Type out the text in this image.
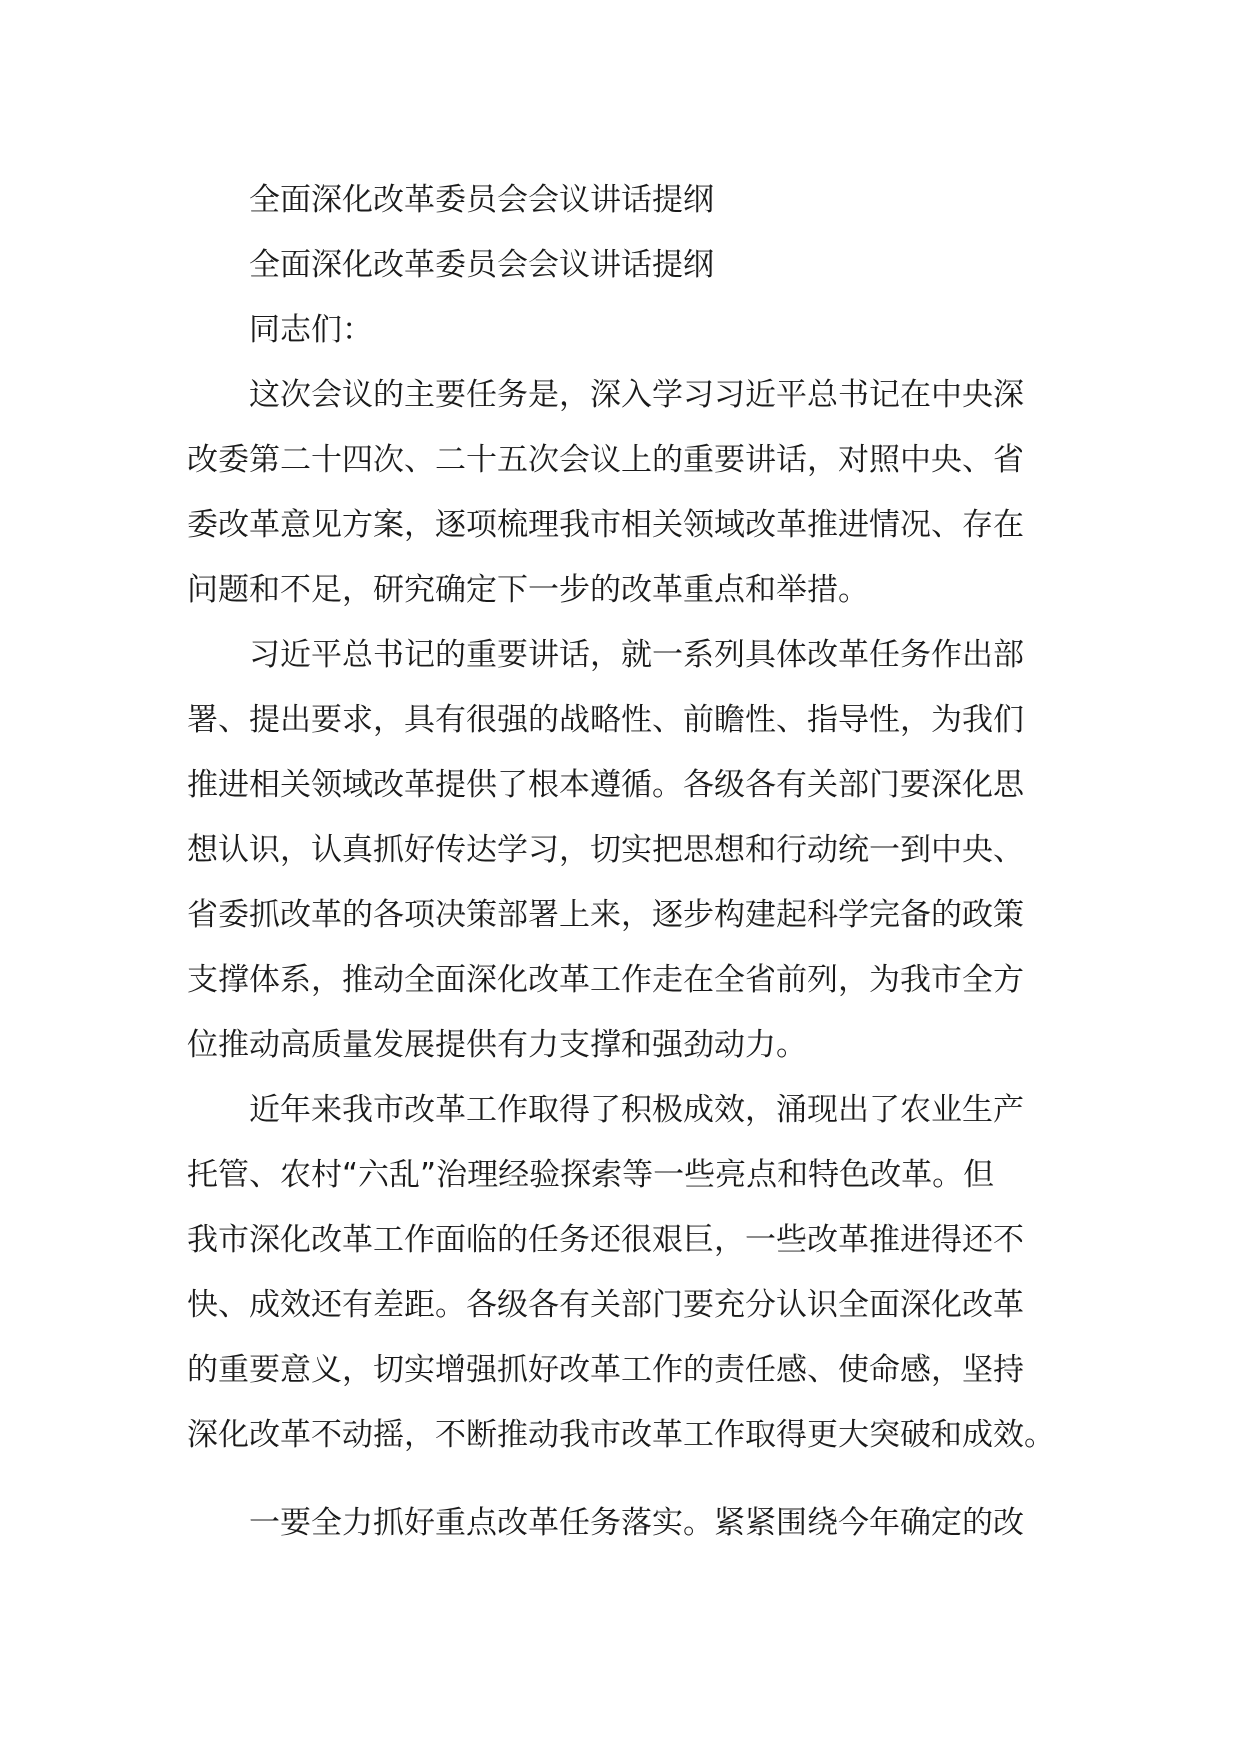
全面深化改革委员会会议讲话提纲
全面深化改革委员会会议讲话提纲
同志们：
这次会议的主要任务是，深入学习习近平总书记在中央深
改委第二十四次、二十五次会议上的重要讲话，对照中央、省
委改革意见方案，逐项梳理我市相关领域改革推进情况、存在
问题和不足，研究确定下一步的改革重点和举措。
习近平总书记的重要讲话，就一系列具体改革任务作出部
署、提出要求，具有很强的战略性、前瞻性、指导性，为我们
推进相关领域改革提供了根本遵循。各级各有关部门要深化思
想认识，认真抓好传达学习，切实把思想和行动统一到中央、
省委抓改革的各项决策部署上来，逐步构建起科学完备的政策
支撑体系，推动全面深化改革工作走在全省前列，为我市全方
位推动高质量发展提供有力支撑和强劲动力。
近年来我市改革工作取得了积极成效，涌现出了农业生产
托管、农村“六乱”治理经验探索等一些亮点和特色改革。但
我市深化改革工作面临的任务还很艰巨，一些改革推进得还不
快、成效还有差距。各级各有关部门要充分认识全面深化改革
的重要意义，切实增强抓好改革工作的责任感、使命感，坚持
深化改革不动摇，不断推动我市改革工作取得更大突破和成效。
一要全力抓好重点改革任务落实。紧紧围绕今年确定的改
